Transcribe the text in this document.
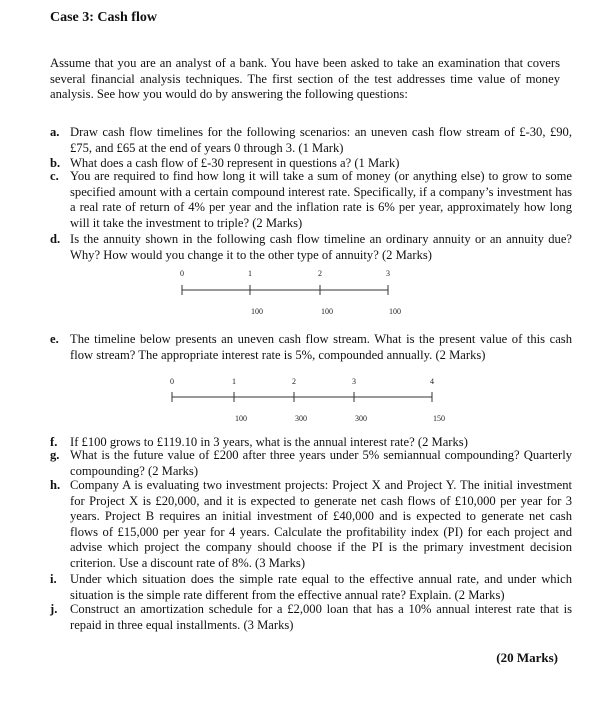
Case 3: Cash flow
Assume that you are an analyst of a bank. You have been asked to take an examination that covers several financial analysis techniques. The first section of the test addresses time value of money analysis. See how you would do by answering the following questions:
a. Draw cash flow timelines for the following scenarios: an uneven cash flow stream of £-30, £90, £75, and £65 at the end of years 0 through 3. (1 Mark)
b. What does a cash flow of £-30 represent in questions a? (1 Mark)
c. You are required to find how long it will take a sum of money (or anything else) to grow to some specified amount with a certain compound interest rate. Specifically, if a company’s investment has a real rate of return of 4% per year and the inflation rate is 6% per year, approximately how long will it take the investment to triple? (2 Marks)
d. Is the annuity shown in the following cash flow timeline an ordinary annuity or an annuity due? Why? How would you change it to the other type of annuity? (2 Marks)
0	1
100
2
100
3
100
e. The timeline below presents an uneven cash flow stream. What is the present value of this cash flow stream? The appropriate interest rate is 5%, compounded annually. (2 Marks)
0	1
100
2
300
3
300
4
150
f. If £100 grows to £119.10 in 3 years, what is the annual interest rate? (2 Marks)
g. What is the future value of £200 after three years under 5% semiannual compounding? Quarterly compounding? (2 Marks)
h. Company A is evaluating two investment projects: Project X and Project Y. The initial investment for Project X is £20,000, and it is expected to generate net cash flows of £10,000 per year for 3 years. Project B requires an initial investment of £40,000 and is expected to generate net cash flows of £15,000 per year for 4 years. Calculate the profitability index (PI) for each project and advise which project the company should choose if the PI is the primary investment decision criterion. Use a discount rate of 8%. (3 Marks)
i. Under which situation does the simple rate equal to the effective annual rate, and under which situation is the simple rate different from the effective annual rate? Explain. (2 Marks)
j. Construct an amortization schedule for a £2,000 loan that has a 10% annual interest rate that is repaid in three equal installments. (3 Marks)
(20 Marks)
